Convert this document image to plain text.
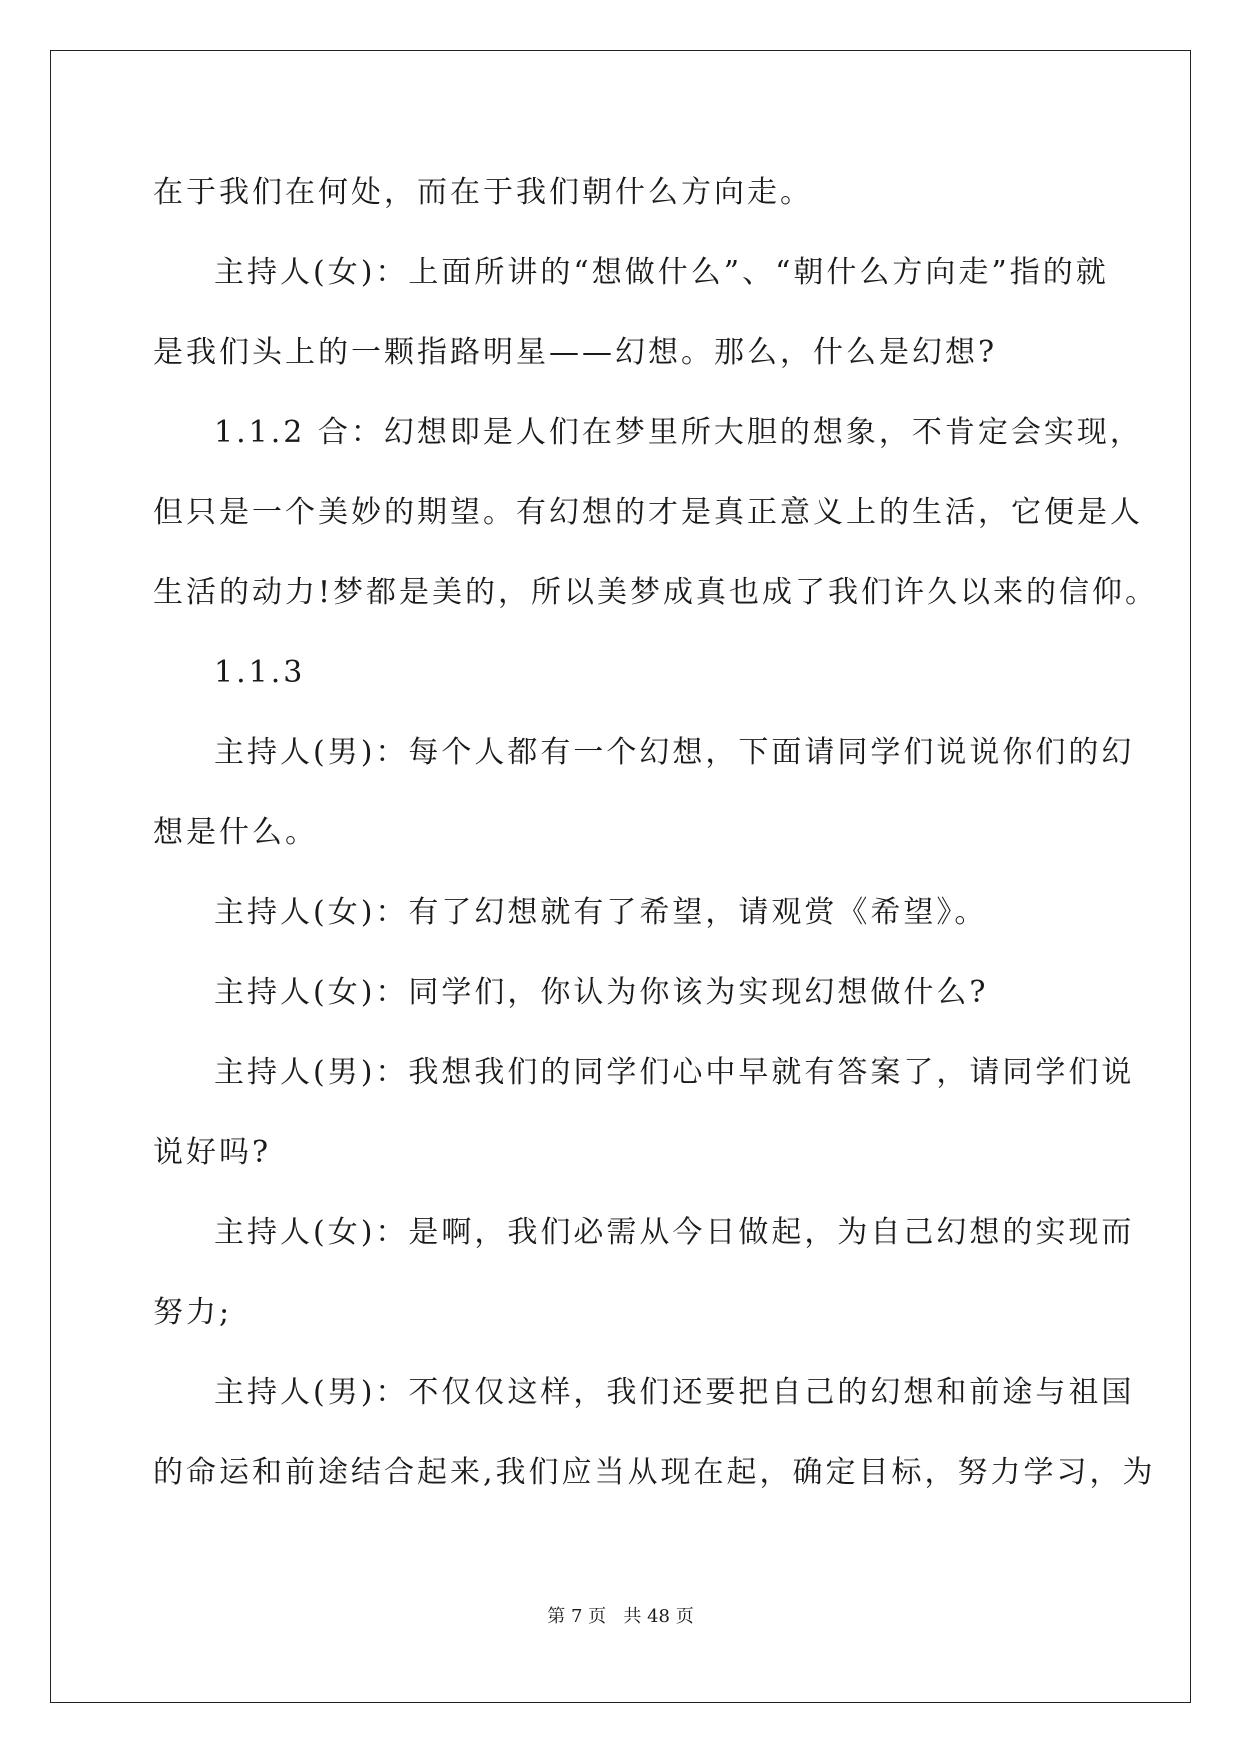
在于我们在何处，而在于我们朝什么方向走。
主持人(女)：上面所讲的“想做什么”、“朝什么方向走”指的就
是我们头上的一颗指路明星——幻想。那么，什么是幻想?
1.1.2 合：幻想即是人们在梦里所大胆的想象，不肯定会实现，
但只是一个美妙的期望。有幻想的才是真正意义上的生活，它便是人
生活的动力!梦都是美的，所以美梦成真也成了我们许久以来的信仰。
1.1.3
主持人(男)：每个人都有一个幻想，下面请同学们说说你们的幻
想是什么。
主持人(女)：有了幻想就有了希望，请观赏《希望》。
主持人(女)：同学们，你认为你该为实现幻想做什么?
主持人(男)：我想我们的同学们心中早就有答案了，请同学们说
说好吗?
主持人(女)：是啊，我们必需从今日做起，为自己幻想的实现而
努力;
主持人(男)：不仅仅这样，我们还要把自己的幻想和前途与祖国
的命运和前途结合起来,我们应当从现在起，确定目标，努力学习，为
第 7 页   共 48 页
